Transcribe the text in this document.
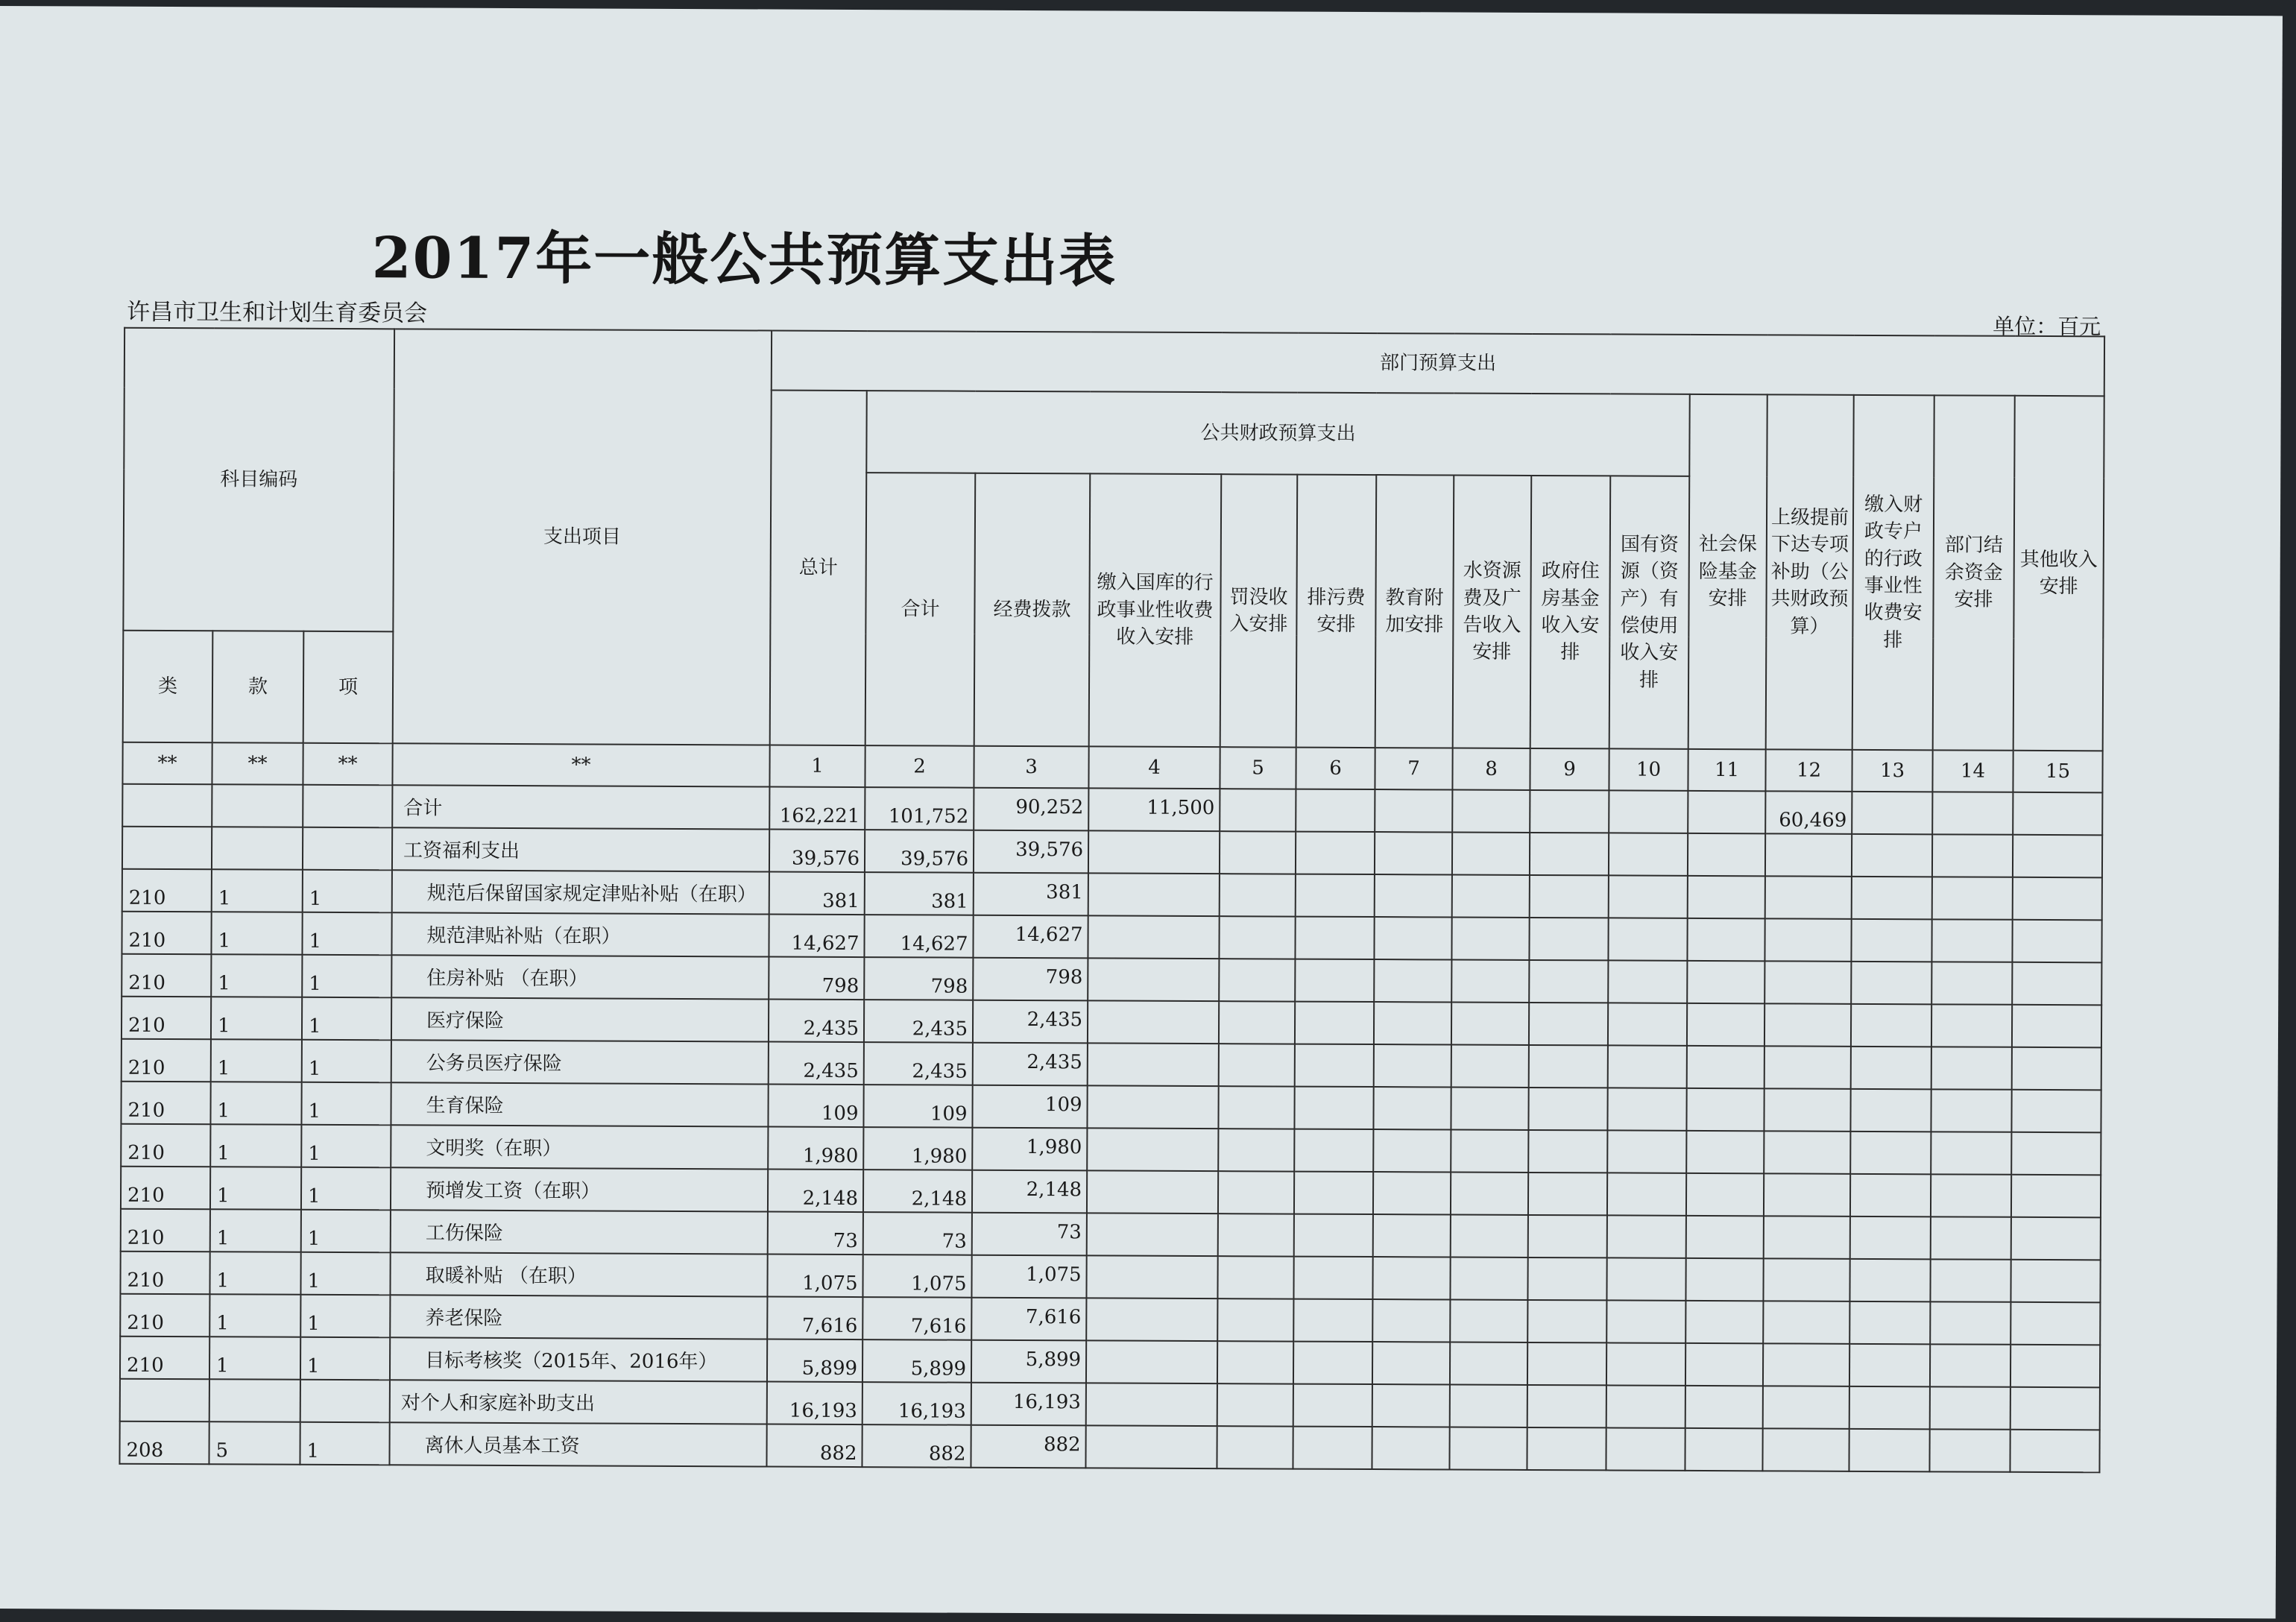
2017年一般公共预算支出表
许昌市卫生和计划生育委员会	单位：百元
科目编码			支出项目	部门预算支出														
				总计	公共财政预算支出									社会保险基金安排	上级提前下达专项补助（公共财政预算）	缴入财政专户的行政事业性收费安排	部门结余资金安排	其他收入安排
					合计	经费拨款	缴入国库的行政事业性收费收入安排	罚没收入安排	排污费安排	教育附加安排	水资源费及广告收入安排	政府住房基金收入安排	国有资源（资产）有偿使用收入安排					
类	款	项																
**	**	**	**	1	2	3	4	5	6	7	8	9	10	11	12	13	14	15
			合计	162,221	101,752	90,252	11,500								60,469			
			工资福利支出	39,576	39,576	39,576												
210	1	1	规范后保留国家规定津贴补贴（在职）	381	381	381												
210	1	1	规范津贴补贴（在职）	14,627	14,627	14,627												
210	1	1	住房补贴 （在职）	798	798	798												
210	1	1	医疗保险	2,435	2,435	2,435												
210	1	1	公务员医疗保险	2,435	2,435	2,435												
210	1	1	生育保险	109	109	109												
210	1	1	文明奖（在职）	1,980	1,980	1,980												
210	1	1	预增发工资（在职）	2,148	2,148	2,148												
210	1	1	工伤保险	73	73	73												
210	1	1	取暖补贴 （在职）	1,075	1,075	1,075												
210	1	1	养老保险	7,616	7,616	7,616												
210	1	1	目标考核奖（2015年、2016年）	5,899	5,899	5,899												
			对个人和家庭补助支出	16,193	16,193	16,193												
208	5	1	离休人员基本工资	882	882	882												
